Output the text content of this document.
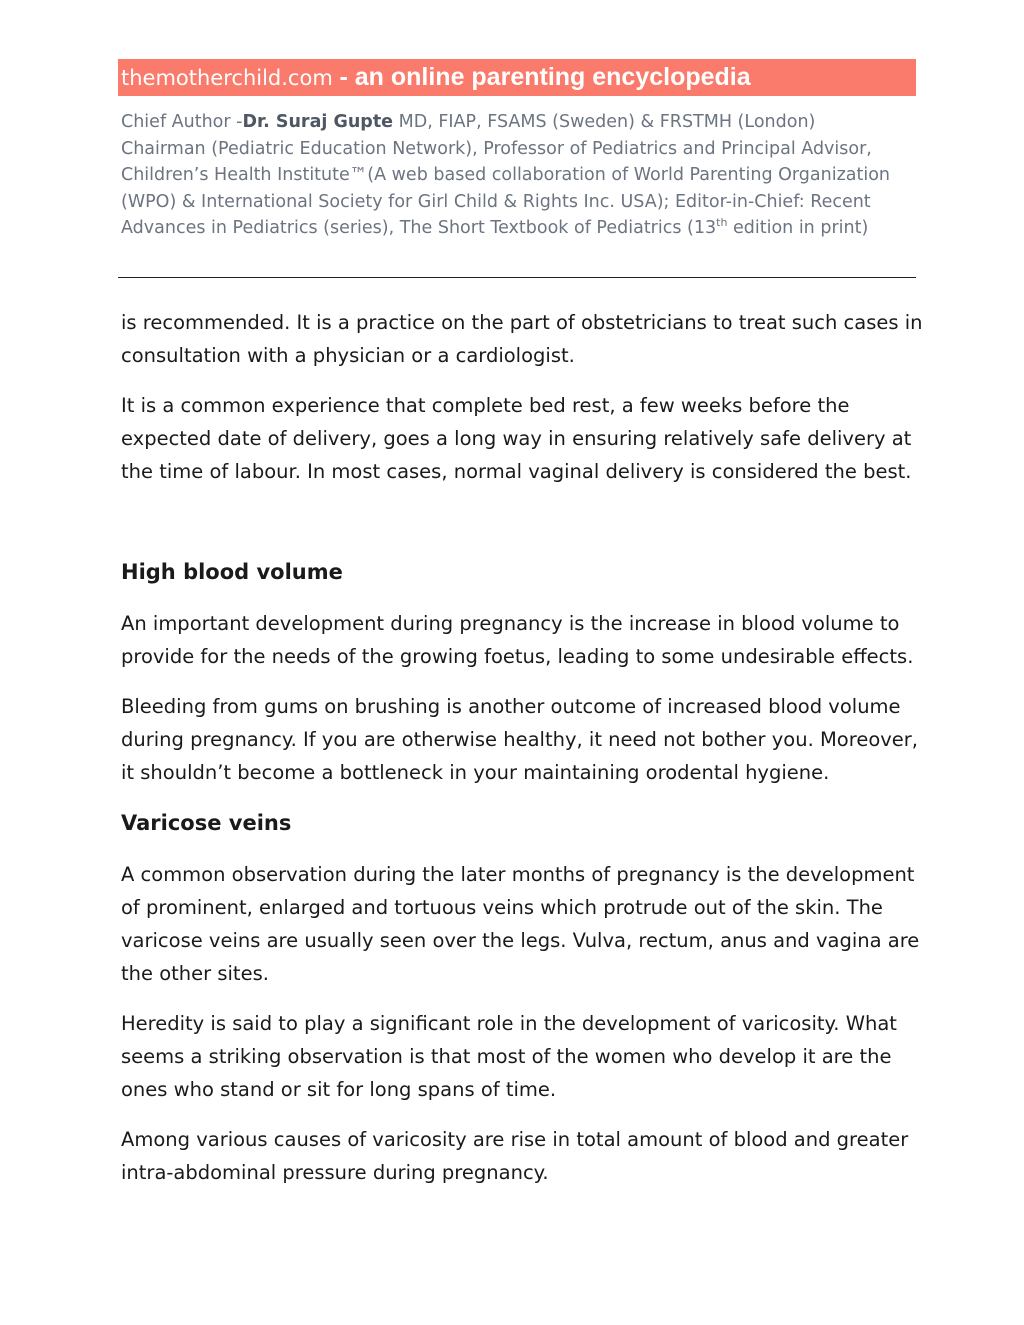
themotherchild.com - an online parenting encyclopedia

Chief Author -Dr. Suraj Gupte MD, FIAP, FSAMS (Sweden) & FRSTMH (London)

Chairman (Pediatric Education Network), Professor of Pediatrics and Principal Advisor,

Children’s Health Institute™(A web based collaboration of World Parenting Organization

(WPO) & International Society for Girl Child & Rights Inc. USA); Editor-in-Chief: Recent

Advances in Pediatrics (series), The Short Textbook of Pediatrics (13th edition in print)

is recommended. It is a practice on the part of obstetricians to treat such cases in
consultation with a physician or a cardiologist.

It is a common experience that complete bed rest, a few weeks before the
expected date of delivery, goes a long way in ensuring relatively safe delivery at
the time of labour. In most cases, normal vaginal delivery is considered the best.

High blood volume

An important development during pregnancy is the increase in blood volume to
provide for the needs of the growing foetus, leading to some undesirable effects.

Bleeding from gums on brushing is another outcome of increased blood volume
during pregnancy. If you are otherwise healthy, it need not bother you. Moreover,
it shouldn’t become a bottleneck in your maintaining orodental hygiene.

Varicose veins

A common observation during the later months of pregnancy is the development
of prominent, enlarged and tortuous veins which protrude out of the skin. The
varicose veins are usually seen over the legs. Vulva, rectum, anus and vagina are
the other sites.

Heredity is said to play a significant role in the development of varicosity. What
seems a striking observation is that most of the women who develop it are the
ones who stand or sit for long spans of time.

Among various causes of varicosity are rise in total amount of blood and greater
intra-abdominal pressure during pregnancy.
